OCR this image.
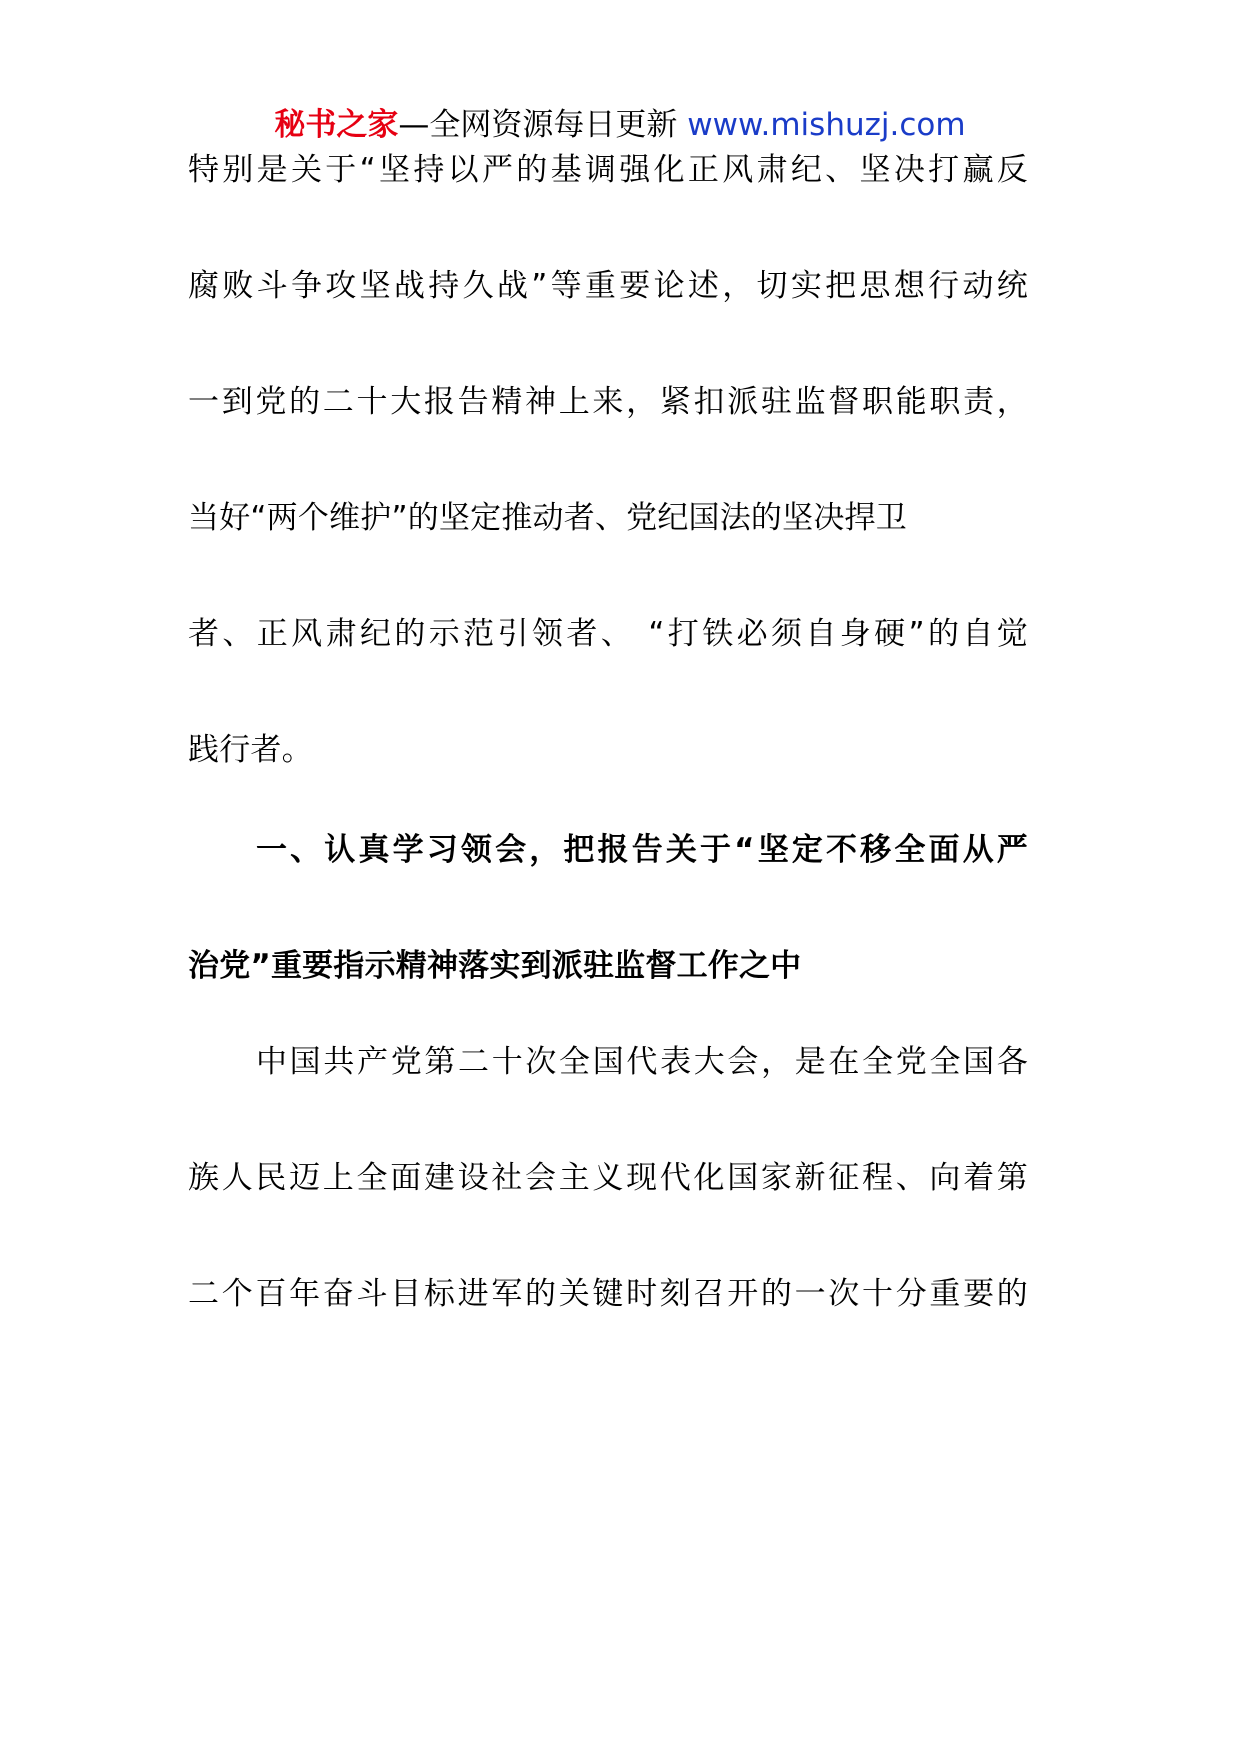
秘书之家—全网资源每日更新 www.mishuzj.com
特别是关于“坚持以严的基调强化正风肃纪、坚决打赢反
腐败斗争攻坚战持久战”等重要论述，切实把思想行动统
一到党的二十大报告精神上来，紧扣派驻监督职能职责，
当好“两个维护”的坚定推动者、党纪国法的坚决捍卫
者、正风肃纪的示范引领者、 “打铁必须自身硬”的自觉
践行者。
一、认真学习领会，把报告关于“坚定不移全面从严
治党”重要指示精神落实到派驻监督工作之中
中国共产党第二十次全国代表大会，是在全党全国各
族人民迈上全面建设社会主义现代化国家新征程、向着第
二个百年奋斗目标进军的关键时刻召开的一次十分重要的
